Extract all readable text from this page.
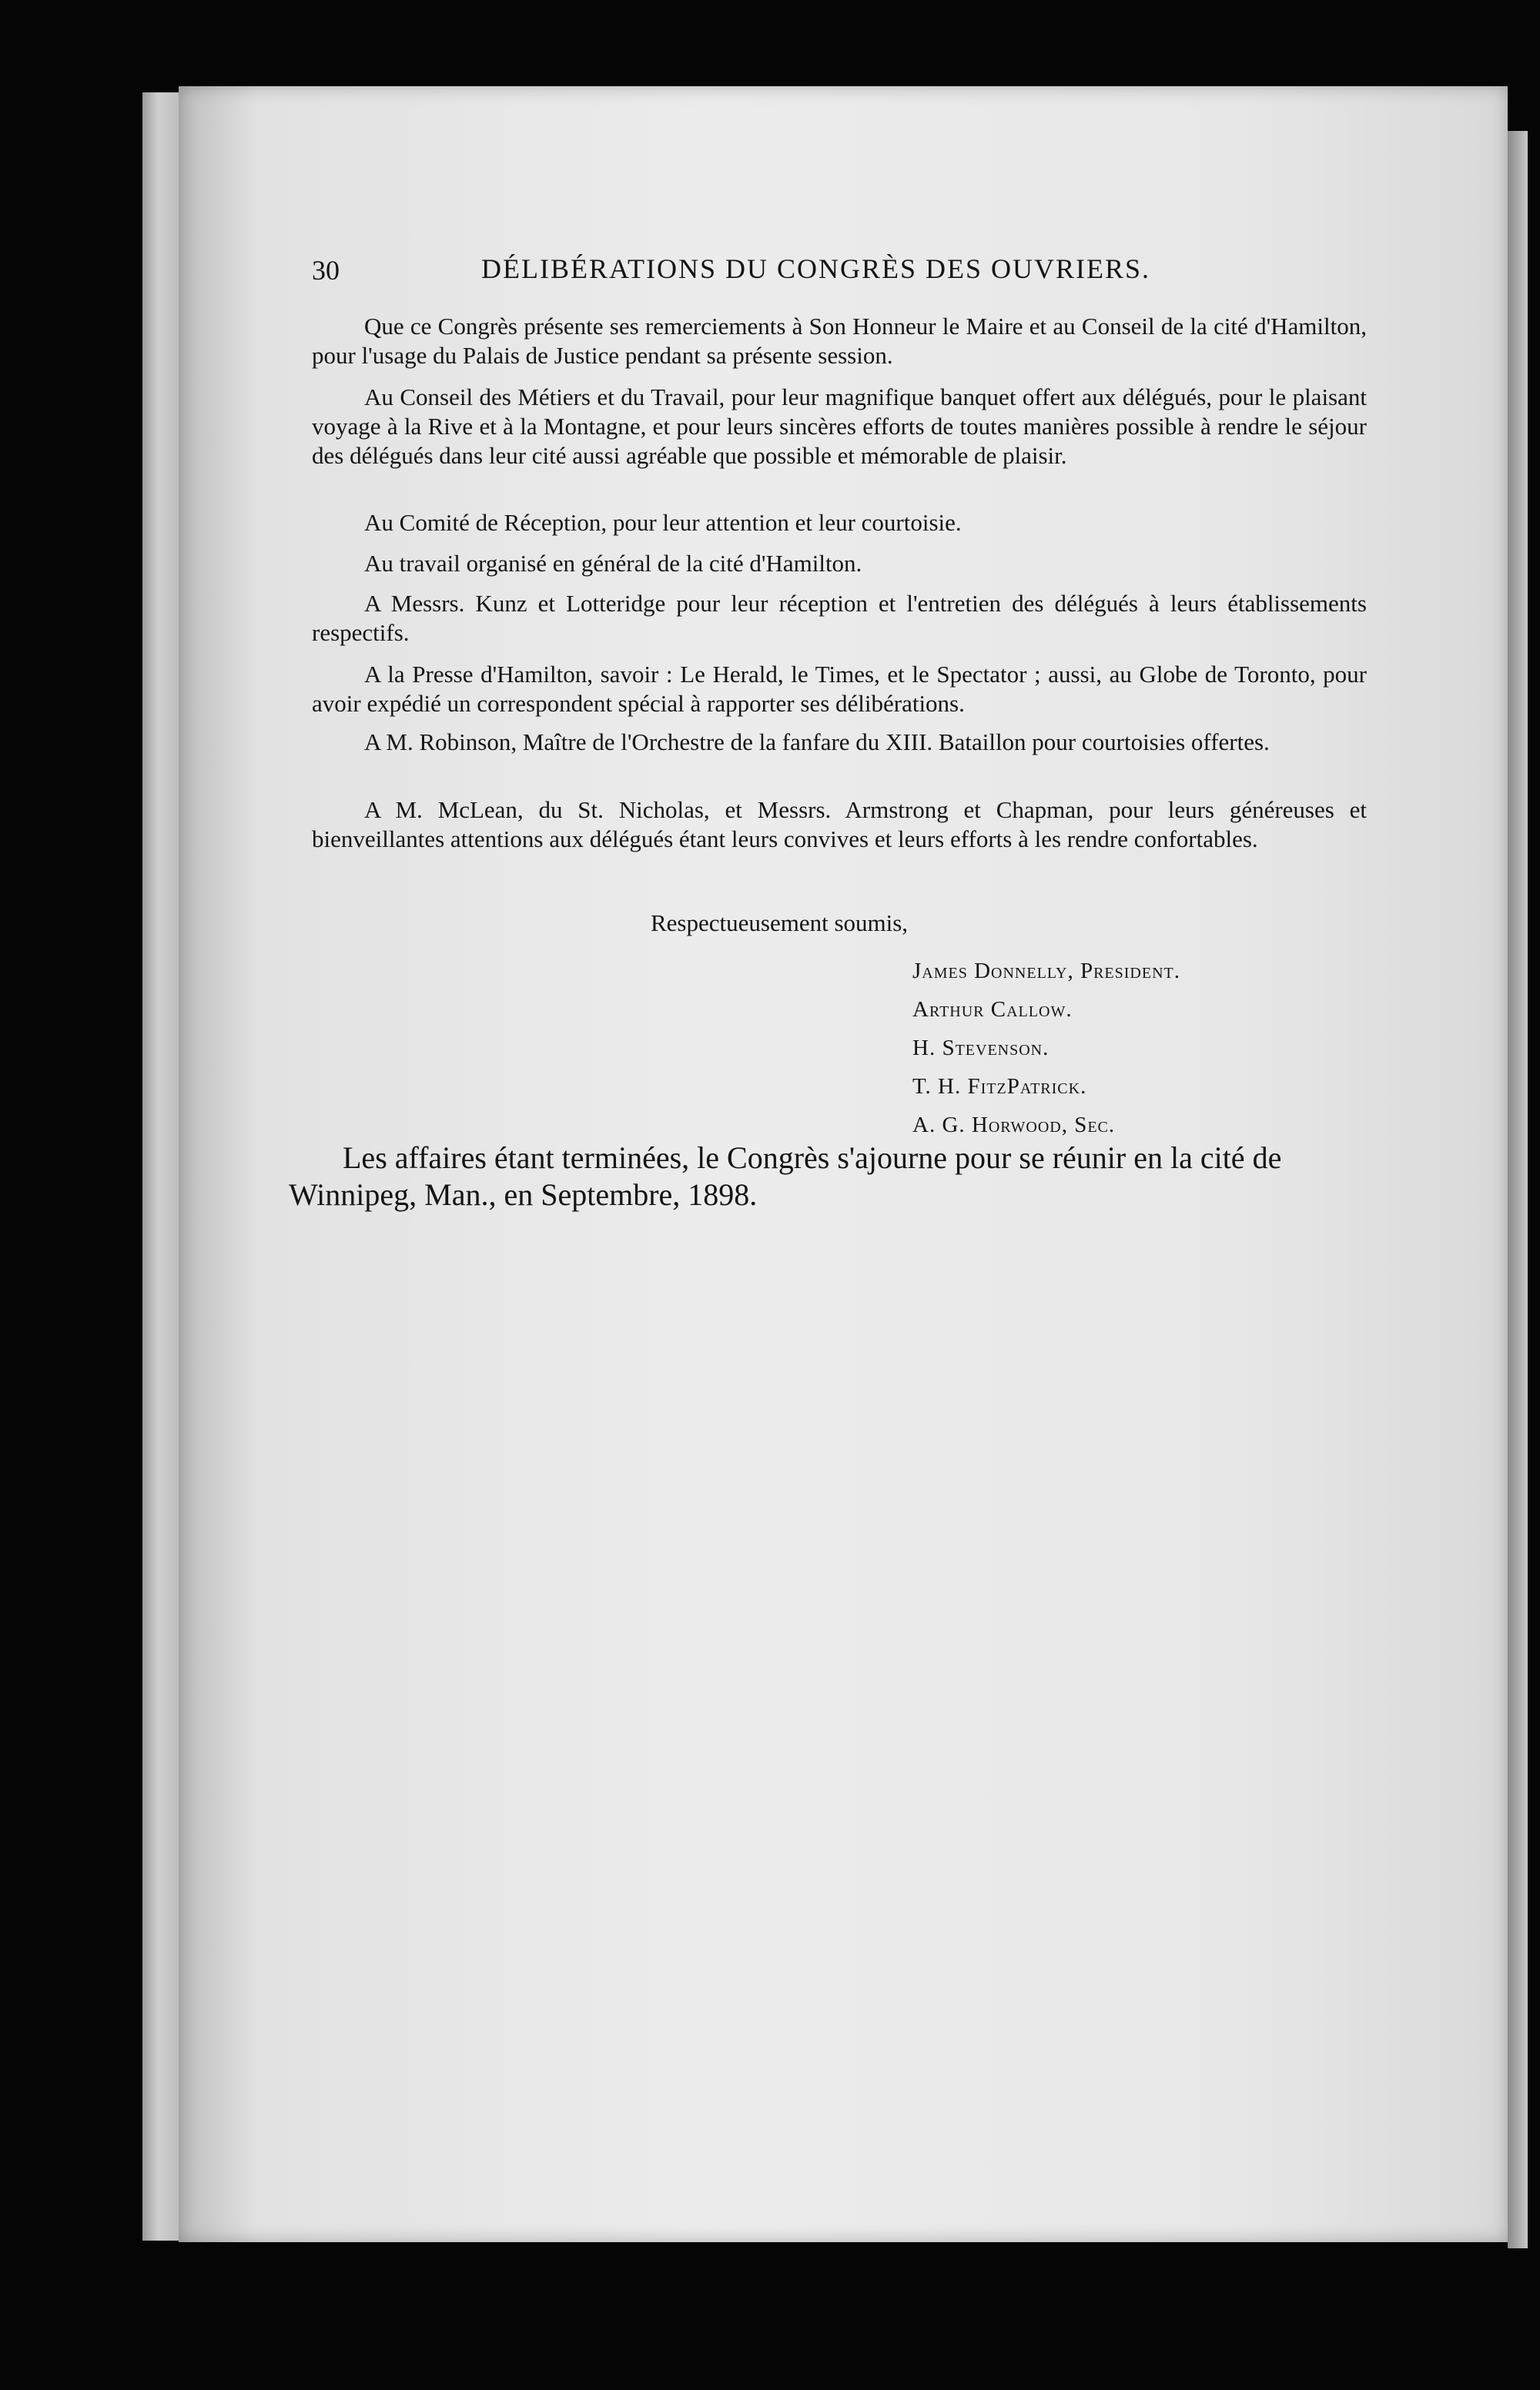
30	DÉLIBÉRATIONS DU CONGRÈS DES OUVRIERS.
Que ce Congrès présente ses remerciements à Son Honneur le Maire et au Conseil de la cité d'Hamilton, pour l'usage du Palais de Justice pendant sa présente session.
Au Conseil des Métiers et du Travail, pour leur magnifique banquet offert aux délégués, pour le plaisant voyage à la Rive et à la Montagne, et pour leurs sincères efforts de toutes manières possible à rendre le séjour des délégués dans leur cité aussi agréable que possible et mémorable de plaisir.
Au Comité de Réception, pour leur attention et leur courtoisie.
Au travail organisé en général de la cité d'Hamilton.
A Messrs. Kunz et Lotteridge pour leur réception et l'entretien des délégués à leurs établissements respectifs.
A la Presse d'Hamilton, savoir : Le Herald, le Times, et le Spectator ; aussi, au Globe de Toronto, pour avoir expédié un correspondent spécial à rapporter ses délibérations.
A M. Robinson, Maître de l'Orchestre de la fanfare du XIII. Bataillon pour courtoisies offertes.
A M. McLean, du St. Nicholas, et Messrs. Armstrong et Chapman, pour leurs généreuses et bienveillantes attentions aux délégués étant leurs convives et leurs efforts à les rendre confortables.
Respectueusement soumis,
James Donnelly, President.
Arthur Callow.
H. Stevenson.
T. H. FitzPatrick.
A. G. Horwood, Sec.
Les affaires étant terminées, le Congrès s'ajourne pour se réunir en la cité de Winnipeg, Man., en Septembre, 1898.
